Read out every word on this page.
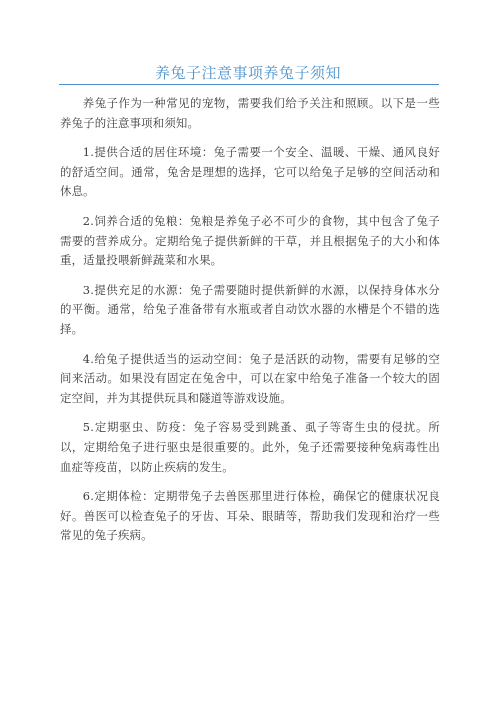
养兔子注意事项养兔子须知

养兔子作为一种常见的宠物，需要我们给予关注和照顾。以下是一些养兔子的注意事项和须知。

1.提供合适的居住环境：兔子需要一个安全、温暖、干燥、通风良好的舒适空间。通常，兔舍是理想的选择，它可以给兔子足够的空间活动和休息。

2.饲养合适的兔粮：兔粮是养兔子必不可少的食物，其中包含了兔子需要的营养成分。定期给兔子提供新鲜的干草，并且根据兔子的大小和体重，适量投喂新鲜蔬菜和水果。

3.提供充足的水源：兔子需要随时提供新鲜的水源，以保持身体水分的平衡。通常，给兔子准备带有水瓶或者自动饮水器的水槽是个不错的选择。

4.给兔子提供适当的运动空间：兔子是活跃的动物，需要有足够的空间来活动。如果没有固定在兔舍中，可以在家中给兔子准备一个较大的固定空间，并为其提供玩具和隧道等游戏设施。

5.定期驱虫、防疫：兔子容易受到跳蚤、虱子等寄生虫的侵扰。所以，定期给兔子进行驱虫是很重要的。此外，兔子还需要接种兔病毒性出血症等疫苗，以防止疾病的发生。

6.定期体检：定期带兔子去兽医那里进行体检，确保它的健康状况良好。兽医可以检查兔子的牙齿、耳朵、眼睛等，帮助我们发现和治疗一些常见的兔子疾病。
